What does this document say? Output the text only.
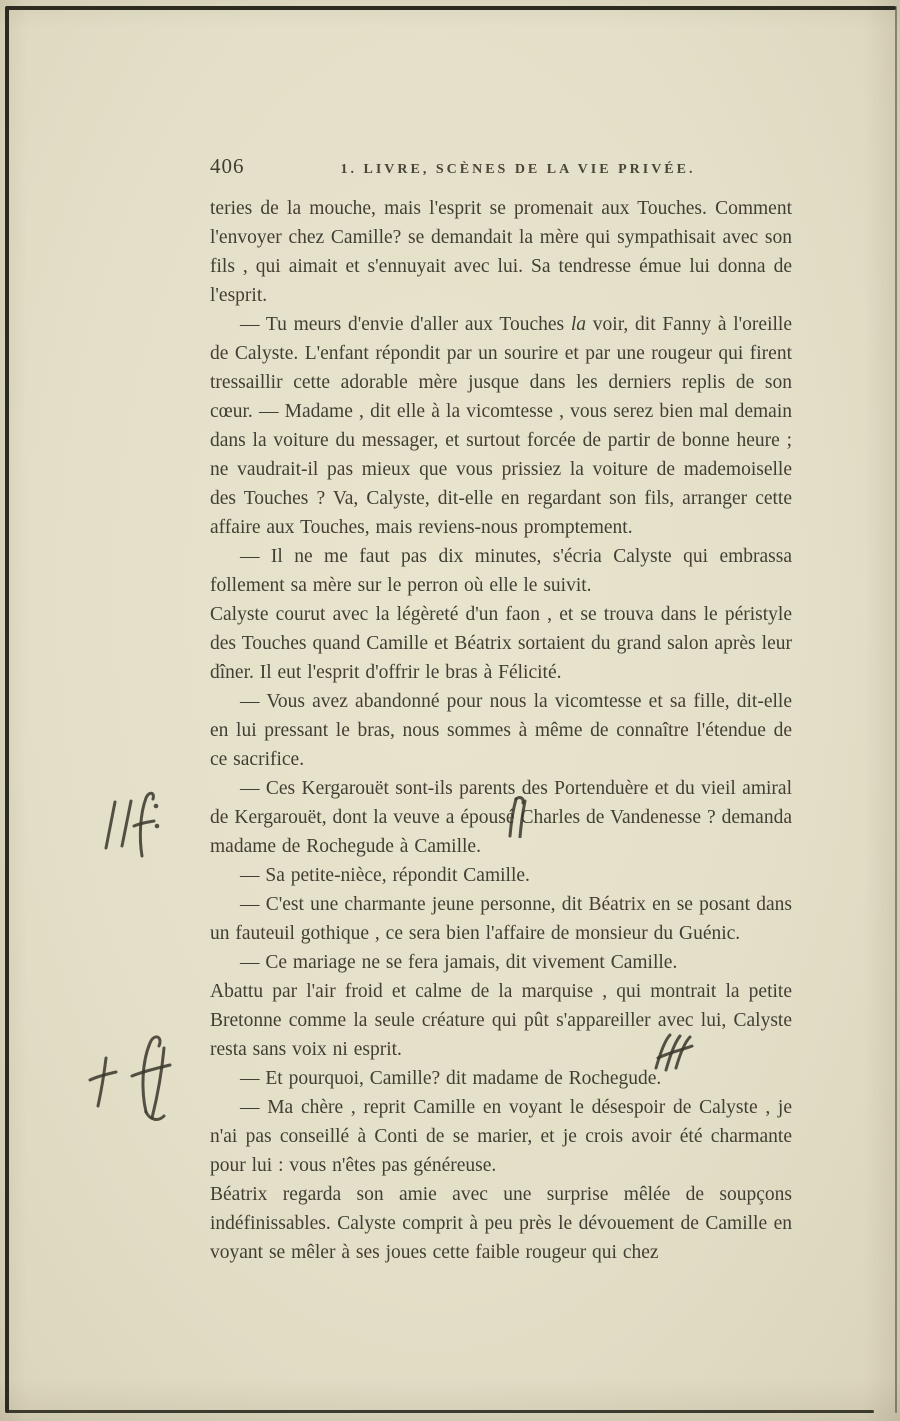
406	1. LIVRE, SCÈNES DE LA VIE PRIVÉE.

teries de la mouche, mais l'esprit se promenait aux Touches. Comment l'envoyer chez Camille? se demandait la mère qui sympathisait avec son fils , qui aimait et s'ennuyait avec lui. Sa tendresse émue lui donna de l'esprit.

— Tu meurs d'envie d'aller aux Touches la voir, dit Fanny à l'oreille de Calyste. L'enfant répondit par un sourire et par une rougeur qui firent tressaillir cette adorable mère jusque dans les derniers replis de son cœur. — Madame , dit elle à la vicomtesse , vous serez bien mal demain dans la voiture du messager, et surtout forcée de partir de bonne heure ; ne vaudrait-il pas mieux que vous prissiez la voiture de mademoiselle des Touches ? Va, Calyste, dit-elle en regardant son fils, arranger cette affaire aux Touches, mais reviens-nous promptement.

— Il ne me faut pas dix minutes, s'écria Calyste qui embrassa follement sa mère sur le perron où elle le suivit.

Calyste courut avec la légèreté d'un faon , et se trouva dans le péristyle des Touches quand Camille et Béatrix sortaient du grand salon après leur dîner. Il eut l'esprit d'offrir le bras à Félicité.

— Vous avez abandonné pour nous la vicomtesse et sa fille, dit-elle en lui pressant le bras, nous sommes à même de connaître l'étendue de ce sacrifice.

— Ces Kergarouët sont-ils parents des Portenduère et du vieil amiral de Kergarouët, dont la veuve a épousé Charles de Vandenesse ? demanda madame de Rochegude à Camille.

— Sa petite-nièce, répondit Camille.

— C'est une charmante jeune personne, dit Béatrix en se posant dans un fauteuil gothique , ce sera bien l'affaire de monsieur du Guénic.

— Ce mariage ne se fera jamais, dit vivement Camille.

Abattu par l'air froid et calme de la marquise , qui montrait la petite Bretonne comme la seule créature qui pût s'appareiller avec lui, Calyste resta sans voix ni esprit.

— Et pourquoi, Camille? dit madame de Rochegude.

— Ma chère , reprit Camille en voyant le désespoir de Calyste , je n'ai pas conseillé à Conti de se marier, et je crois avoir été charmante pour lui : vous n'êtes pas généreuse.

Béatrix regarda son amie avec une surprise mêlée de soupçons indéfinissables. Calyste comprit à peu près le dévouement de Camille en voyant se mêler à ses joues cette faible rougeur qui chez
